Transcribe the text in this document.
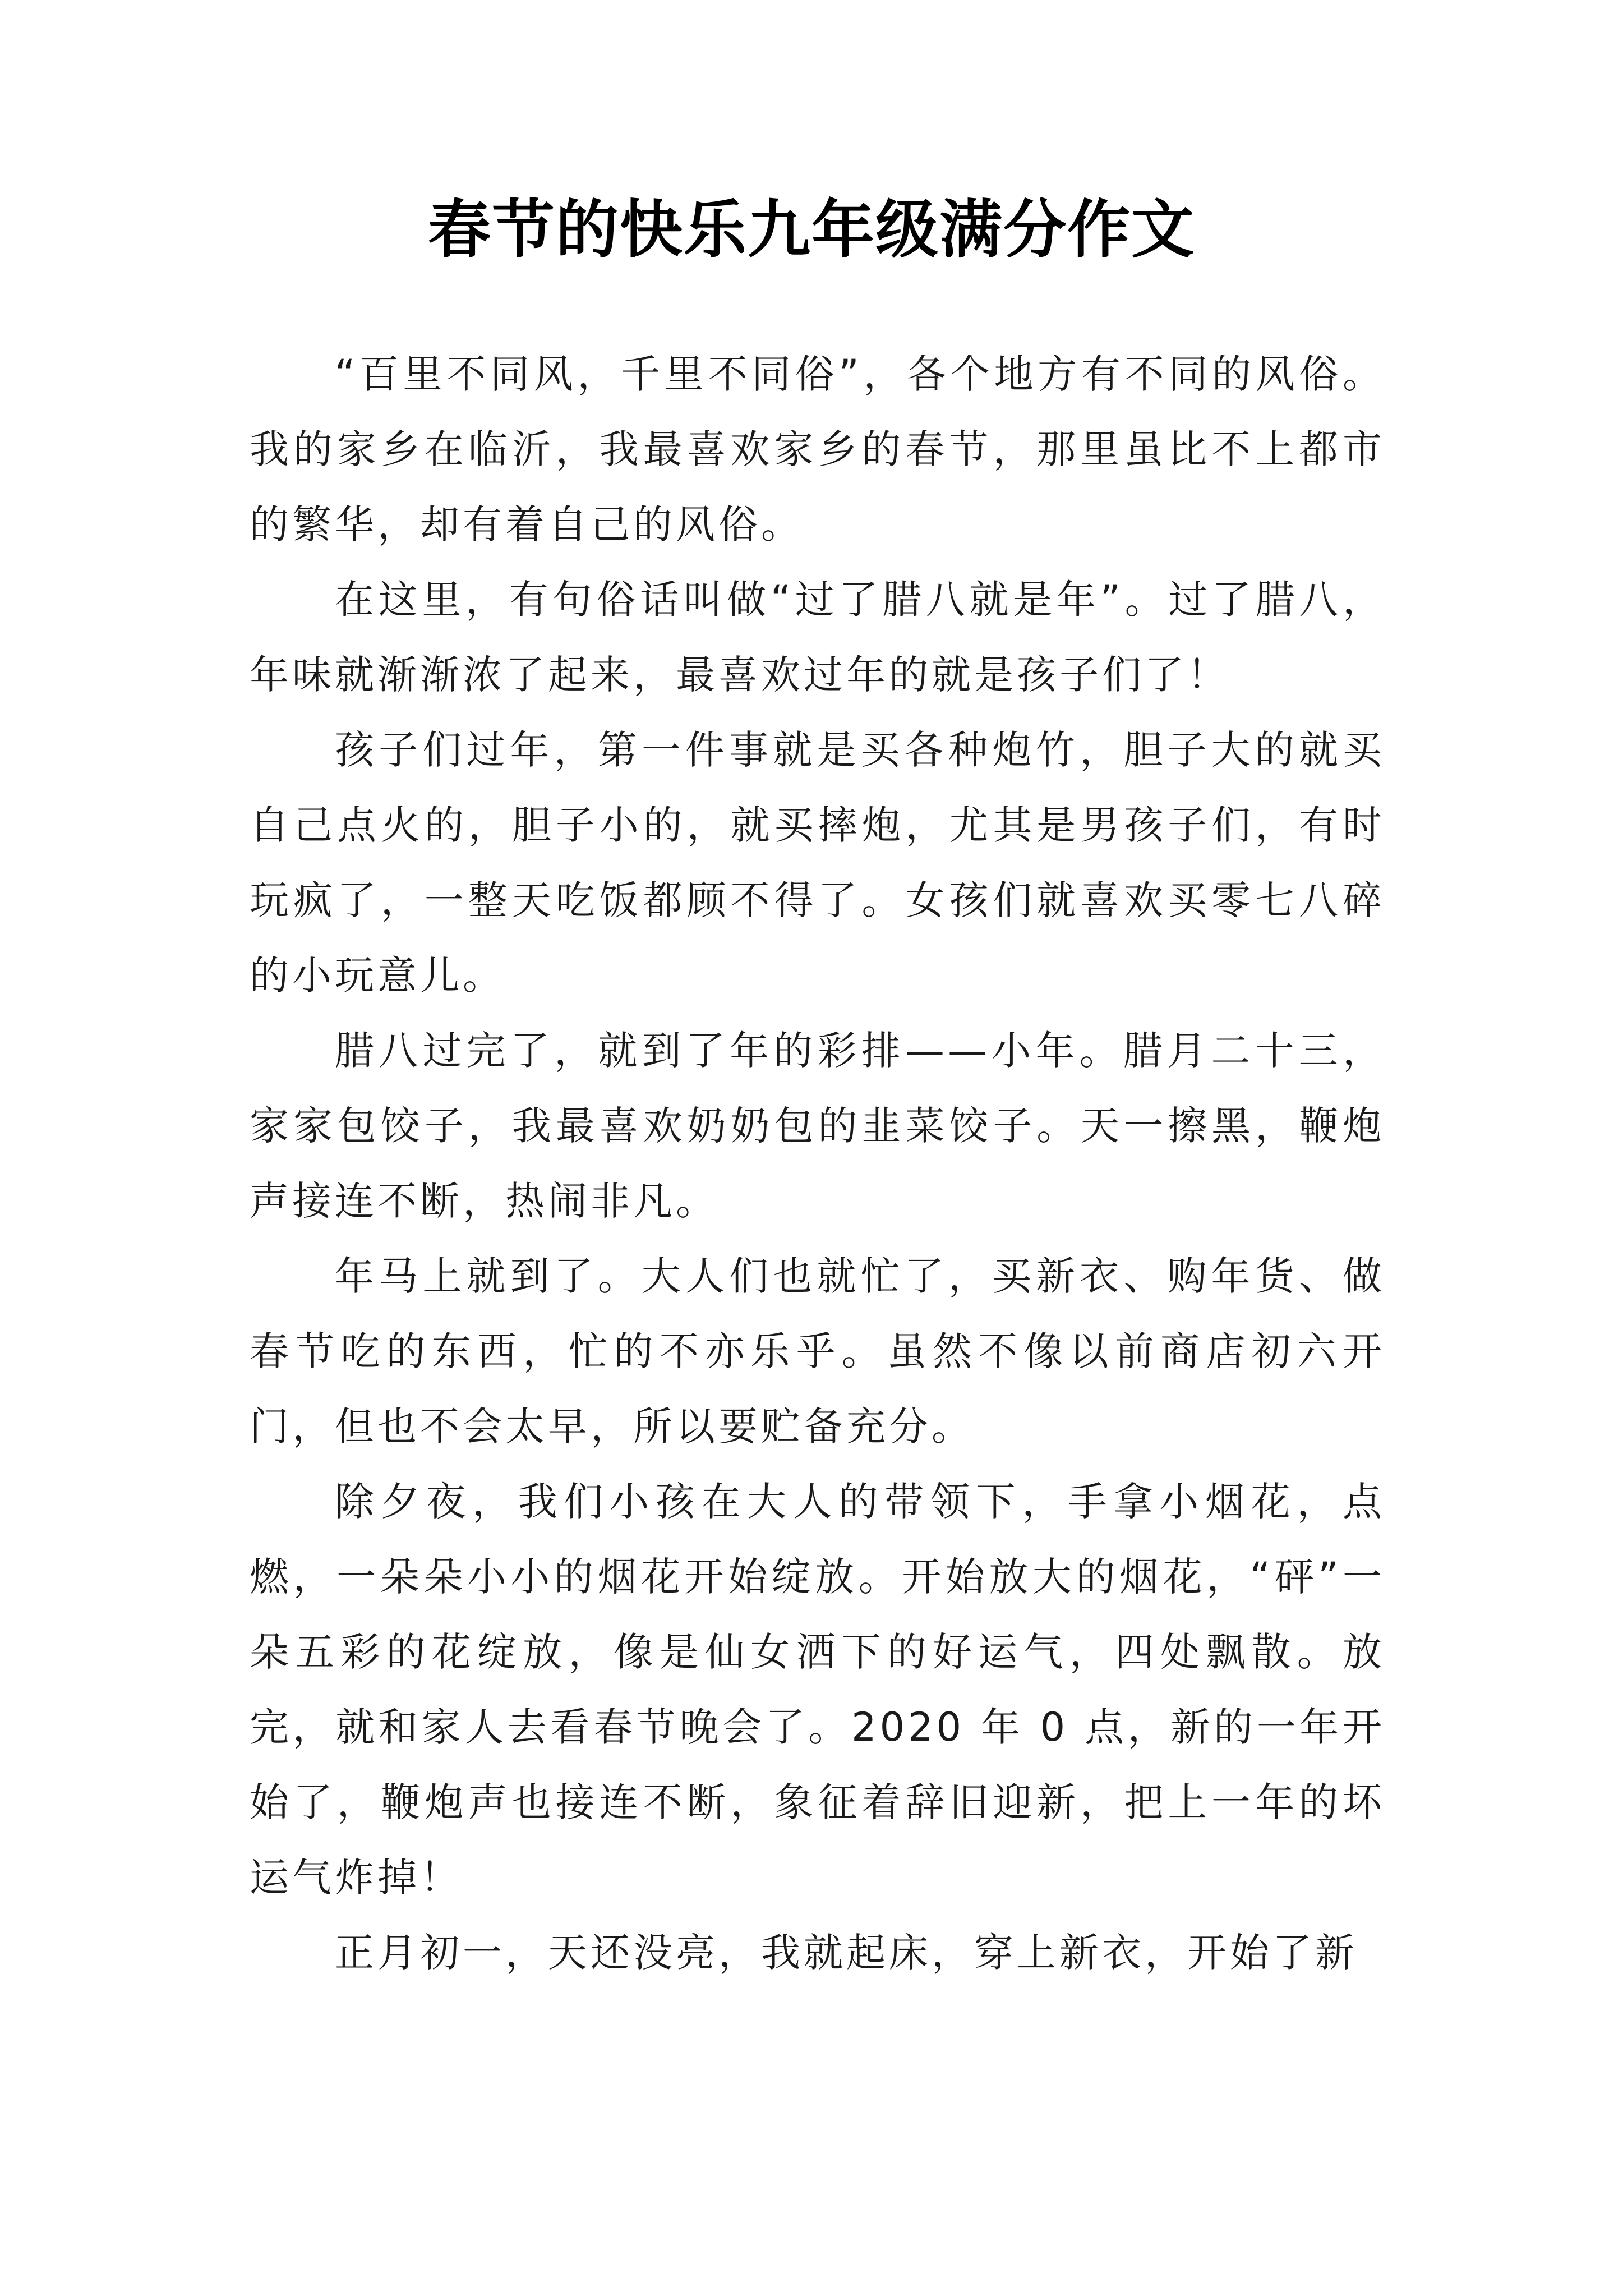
春节的快乐九年级满分作文

“百里不同风，千里不同俗”，各个地方有不同的风俗。我的家乡在临沂，我最喜欢家乡的春节，那里虽比不上都市的繁华，却有着自己的风俗。

在这里，有句俗话叫做“过了腊八就是年”。过了腊八，年味就渐渐浓了起来，最喜欢过年的就是孩子们了！

孩子们过年，第一件事就是买各种炮竹，胆子大的就买自己点火的，胆子小的，就买摔炮，尤其是男孩子们，有时玩疯了，一整天吃饭都顾不得了。女孩们就喜欢买零七八碎的小玩意儿。

腊八过完了，就到了年的彩排——小年。腊月二十三，家家包饺子，我最喜欢奶奶包的韭菜饺子。天一擦黑，鞭炮声接连不断，热闹非凡。

年马上就到了。大人们也就忙了，买新衣、购年货、做春节吃的东西，忙的不亦乐乎。虽然不像以前商店初六开门，但也不会太早，所以要贮备充分。

除夕夜，我们小孩在大人的带领下，手拿小烟花，点燃，一朵朵小小的烟花开始绽放。开始放大的烟花，“砰”一朵五彩的花绽放，像是仙女洒下的好运气，四处飘散。放完，就和家人去看春节晚会了。2020 年 0 点，新的一年开始了，鞭炮声也接连不断，象征着辞旧迎新，把上一年的坏运气炸掉！

正月初一，天还没亮，我就起床，穿上新衣，开始了新
